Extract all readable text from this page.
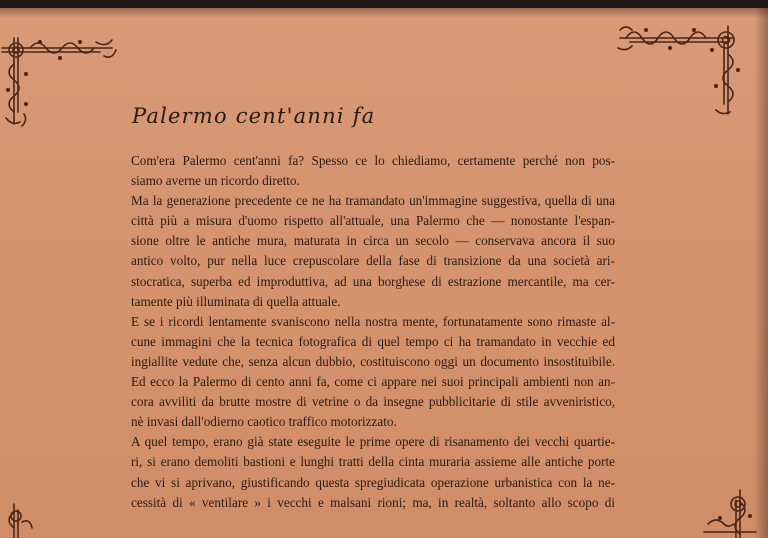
Palermo cent'anni fa
Com'era Palermo cent'anni fa? Spesso ce lo chiediamo, certamente perché non pos-
siamo averne un ricordo diretto.
Ma la generazione precedente ce ne ha tramandato un'immagine suggestiva, quella di una
città più a misura d'uomo rispetto all'attuale, una Palermo che — nonostante l'espan-
sione oltre le antiche mura, maturata in circa un secolo — conservava ancora il suo
antico volto, pur nella luce crepuscolare della fase di transizione da una società ari-
stocratica, superba ed improduttiva, ad una borghese di estrazione mercantile, ma cer-
tamente più illuminata di quella attuale.
E se i ricordi lentamente svaniscono nella nostra mente, fortunatamente sono rimaste al-
cune immagini che la tecnica fotografica di quel tempo ci ha tramandato in vecchie ed
ingiallite vedute che, senza alcun dubbio, costituiscono oggi un documento insostituibile.
Ed ecco la Palermo di cento anni fa, come ci appare nei suoi principali ambienti non an-
cora avviliti da brutte mostre di vetrine o da insegne pubblicitarie di stile avveniristico,
nè invasi dall'odierno caotico traffico motorizzato.
A quel tempo, erano già state eseguite le prime opere di risanamento dei vecchi quartie-
ri, si erano demoliti bastioni e lunghi tratti della cinta muraria assieme alle antiche porte
che vi si aprivano, giustificando questa spregiudicata operazione urbanistica con la ne-
cessità di « ventilare » i vecchi e malsani rioni; ma, in realtà, soltanto allo scopo di
